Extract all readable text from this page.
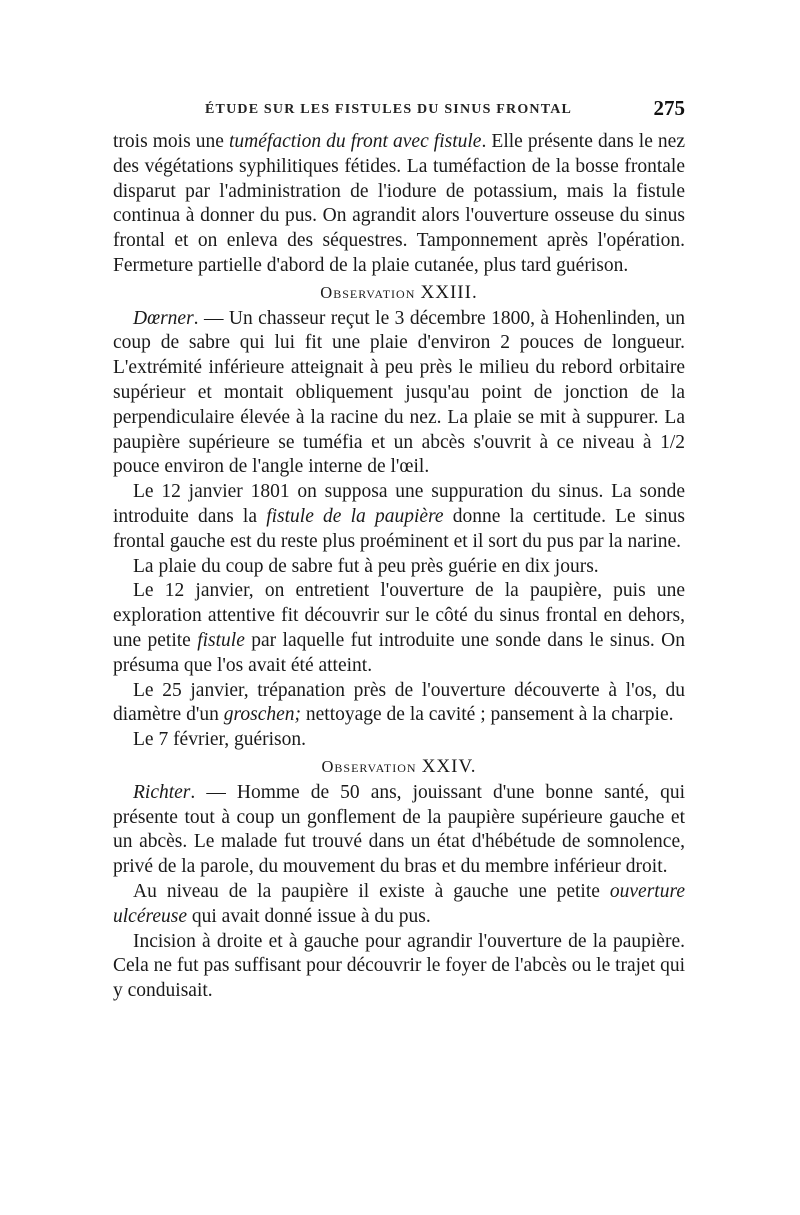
ÉTUDE SUR LES FISTULES DU SINUS FRONTAL	275

trois mois une tuméfaction du front avec fistule. Elle présente dans le nez des végétations syphilitiques fétides. La tuméfaction de la bosse frontale disparut par l'administration de l'iodure de potassium, mais la fistule continua à donner du pus. On agrandit alors l'ouverture osseuse du sinus frontal et on enleva des séquestres. Tamponnement après l'opération. Fermeture partielle d'abord de la plaie cutanée, plus tard guérison.

Observation XXIII.

Dœrner. — Un chasseur reçut le 3 décembre 1800, à Hohenlinden, un coup de sabre qui lui fit une plaie d'environ 2 pouces de longueur. L'extrémité inférieure atteignait à peu près le milieu du rebord orbitaire supérieur et montait obliquement jusqu'au point de jonction de la perpendiculaire élevée à la racine du nez. La plaie se mit à suppurer. La paupière supérieure se tuméfia et un abcès s'ouvrit à ce niveau à 1/2 pouce environ de l'angle interne de l'œil.

Le 12 janvier 1801 on supposa une suppuration du sinus. La sonde introduite dans la fistule de la paupière donne la certitude. Le sinus frontal gauche est du reste plus proéminent et il sort du pus par la narine.

La plaie du coup de sabre fut à peu près guérie en dix jours.

Le 12 janvier, on entretient l'ouverture de la paupière, puis une exploration attentive fit découvrir sur le côté du sinus frontal en dehors, une petite fistule par laquelle fut introduite une sonde dans le sinus. On présuma que l'os avait été atteint.

Le 25 janvier, trépanation près de l'ouverture découverte à l'os, du diamètre d'un groschen; nettoyage de la cavité ; pansement à la charpie.

Le 7 février, guérison.

Observation XXIV.

Richter. — Homme de 50 ans, jouissant d'une bonne santé, qui présente tout à coup un gonflement de la paupière supérieure gauche et un abcès. Le malade fut trouvé dans un état d'hébétude de somnolence, privé de la parole, du mouvement du bras et du membre inférieur droit.

Au niveau de la paupière il existe à gauche une petite ouverture ulcéreuse qui avait donné issue à du pus.

Incision à droite et à gauche pour agrandir l'ouverture de la paupière. Cela ne fut pas suffisant pour découvrir le foyer de l'abcès ou le trajet qui y conduisait.
